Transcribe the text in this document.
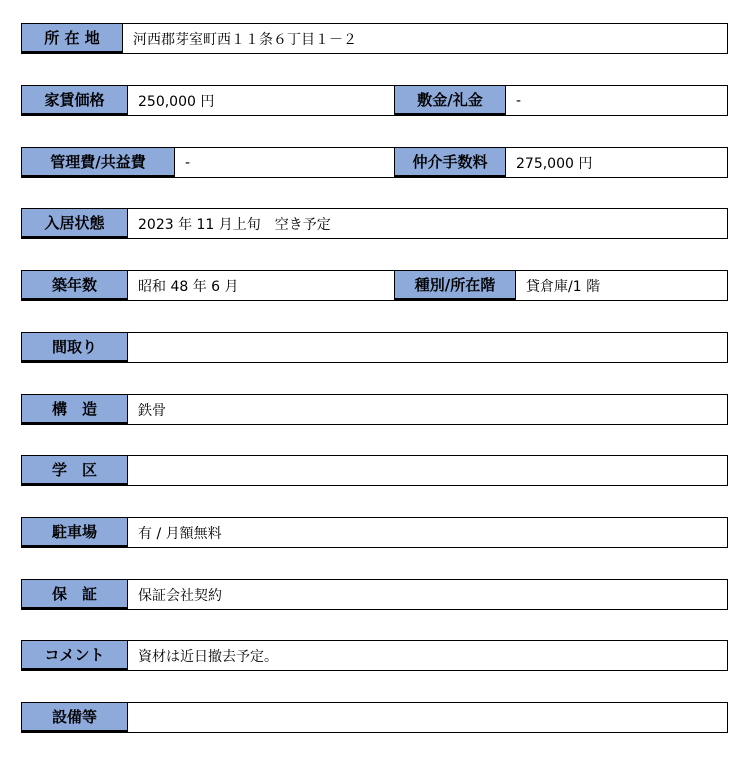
所 在 地	河西郡芽室町西１１条６丁目１－２
家賃価格	250,000 円	敷金/礼金	-
管理費/共益費	-	仲介手数料	275,000 円
入居状態	2023 年 11 月上旬　空き予定
築年数	昭和 48 年 6 月	種別/所在階	貸倉庫/1 階
間取り
構　造	鉄骨
学　区
駐車場	有 / 月額無料
保　証	保証会社契約
コメント	資材は近日撤去予定。
設備等
